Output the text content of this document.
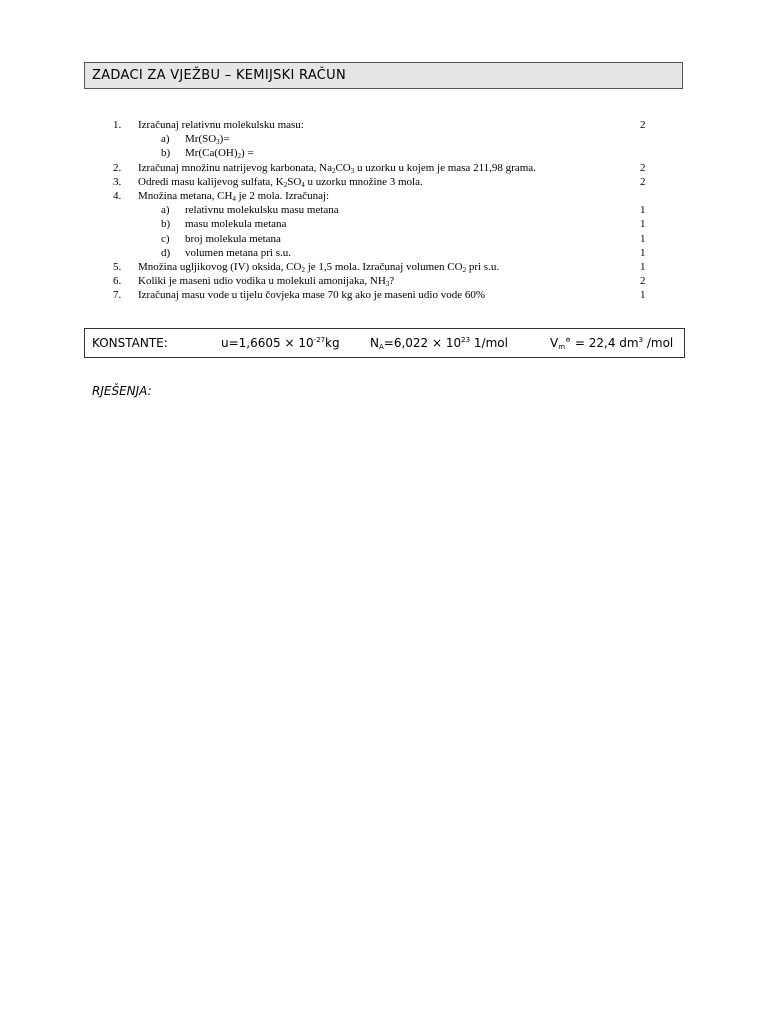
ZADACI ZA VJEŽBU – KEMIJSKI RAČUN
1. Izračunaj relativnu molekulsku masu:	2
a) $Mr(SO_3)=$
b) $Mr(Ca(OH)_2)$ =
2. Izračunaj množinu natrijevog karbonata, $Na_2CO_3$ u uzorku u kojem je masa 211,98 grama.	2
3. Odredi masu kalijevog sulfata, $K_2SO_4$ u uzorku množine 3 mola.	2
4. Množina metana, $CH_4$ je 2 mola. Izračunaj:
a) relativnu molekulsku masu metana	1
b) masu molekula metana	1
c) broj molekula metana	1
d) volumen metana pri s.u.	1
5. Množina ugljikovog (IV) oksida, $CO_2$ je 1,5 mola. Izračunaj volumen $CO_2$ pri s.u.	1
6. Koliki je maseni udio vodika u molekuli amonijaka, $NH_3$?	2
7. Izračunaj masu vode u tijelu čovjeka mase 70 kg ako je maseni udio vode 60%	1
KONSTANTE:	$u=1,6605 \times 10^{-27}kg$	$N_A=6,022 \times 10^{23}$ 1/mol	$V_m^\circ = 22,4$ $dm^3$ /mol
RJEŠENJA:
